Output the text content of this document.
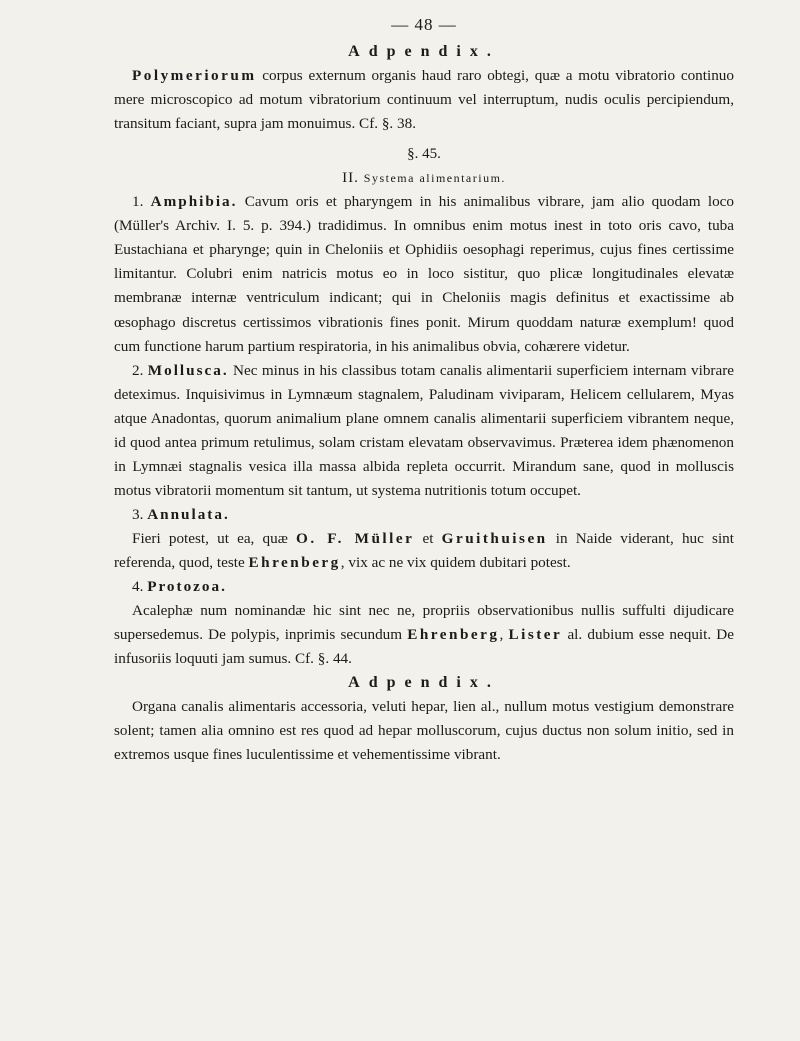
— 48 —

Adpendix.

Polymeriorum corpus externum organis haud raro obtegi, quæ a motu vibratorio continuo mere microscopico ad motum vibratorium continuum vel interruptum, nudis oculis percipiendum, transitum faciant, supra jam monuimus. Cf. §. 38.

§. 45.

II. Systema alimentarium.

1. Amphibia. Cavum oris et pharyngem in his animalibus vibrare, jam alio quodam loco (Müller's Archiv. I. 5. p. 394.) tradidimus. In omnibus enim motus inest in toto oris cavo, tuba Eustachiana et pharynge; quin in Cheloniis et Ophidiis oesophagi reperimus, cujus fines certissime limitantur. Colubri enim natricis motus eo in loco sistitur, quo plicæ longitudinales elevatæ membranæ internæ ventriculum indicant; qui in Cheloniis magis definitus et exactissime ab œsophago discretus certissimos vibrationis fines ponit. Mirum quoddam naturæ exemplum! quod cum functione harum partium respiratoria, in his animalibus obvia, cohærere videtur.

2. Mollusca. Nec minus in his classibus totam canalis alimentarii superficiem internam vibrare deteximus. Inquisivimus in Lymnæum stagnalem, Paludinam viviparam, Helicem cellularem, Myas atque Anadontas, quorum animalium plane omnem canalis alimentarii superficiem vibrantem neque, id quod antea primum retulimus, solam cristam elevatam observavimus. Præterea idem phænomenon in Lymnæi stagnalis vesica illa massa albida repleta occurrit. Mirandum sane, quod in molluscis motus vibratorii momentum sit tantum, ut systema nutritionis totum occupet.

3. Annulata.

Fieri potest, ut ea, quæ O. F. Müller et Gruithuisen in Naide viderant, huc sint referenda, quod, teste Ehrenberg, vix ac ne vix quidem dubitari potest.

4. Protozoa.

Acalephæ num nominandæ hic sint nec ne, propriis observationibus nullis suffulti dijudicare supersedemus. De polypis, inprimis secundum Ehrenberg, Lister al. dubium esse nequit. De infusoriis loquuti jam sumus. Cf. §. 44.

Adpendix.

Organa canalis alimentaris accessoria, veluti hepar, lien al., nullum motus vestigium demonstrare solent; tamen alia omnino est res quod ad hepar molluscorum, cujus ductus non solum initio, sed in extremos usque fines luculentissime et vehementissime vibrant.
